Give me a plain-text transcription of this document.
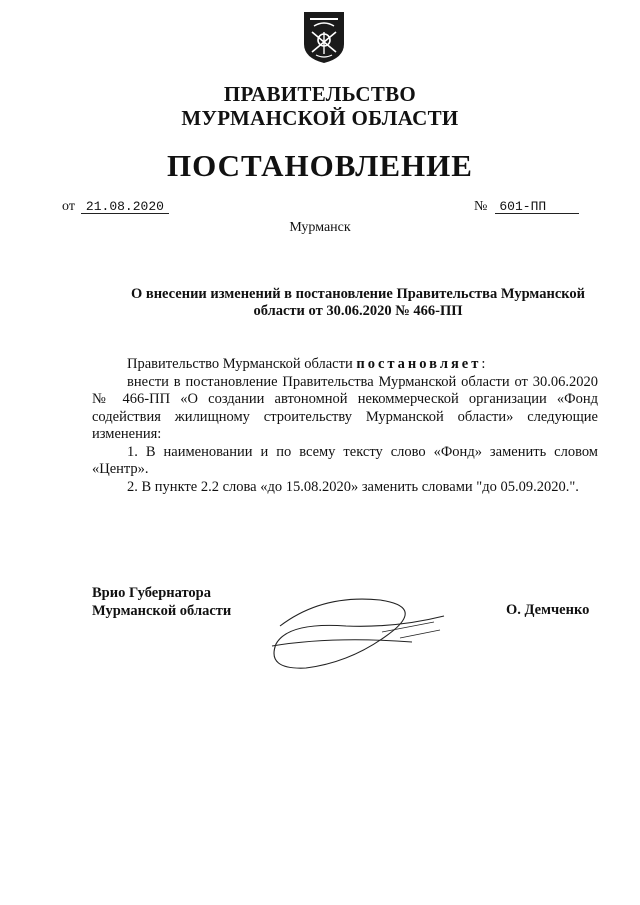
ПРАВИТЕЛЬСТВО
МУРМАНСКОЙ ОБЛАСТИ
ПОСТАНОВЛЕНИЕ
от 21.08.2020	№ 601-ПП
Мурманск
О внесении изменений в постановление Правительства Мурманской
области от 30.06.2020 № 466-ПП

Правительство Мурманской области постановляет:

внести в постановление Правительства Мурманской области от 30.06.2020 № 466-ПП «О создании автономной некоммерческой организации «Фонд содействия жилищному строительству Мурманской области» следующие изменения:

1. В наименовании и по всему тексту слово «Фонд» заменить словом «Центр».

2. В пункте 2.2 слова «до 15.08.2020» заменить словами "до 05.09.2020.".

Врио Губернатора
Мурманской области	О. Демченко
